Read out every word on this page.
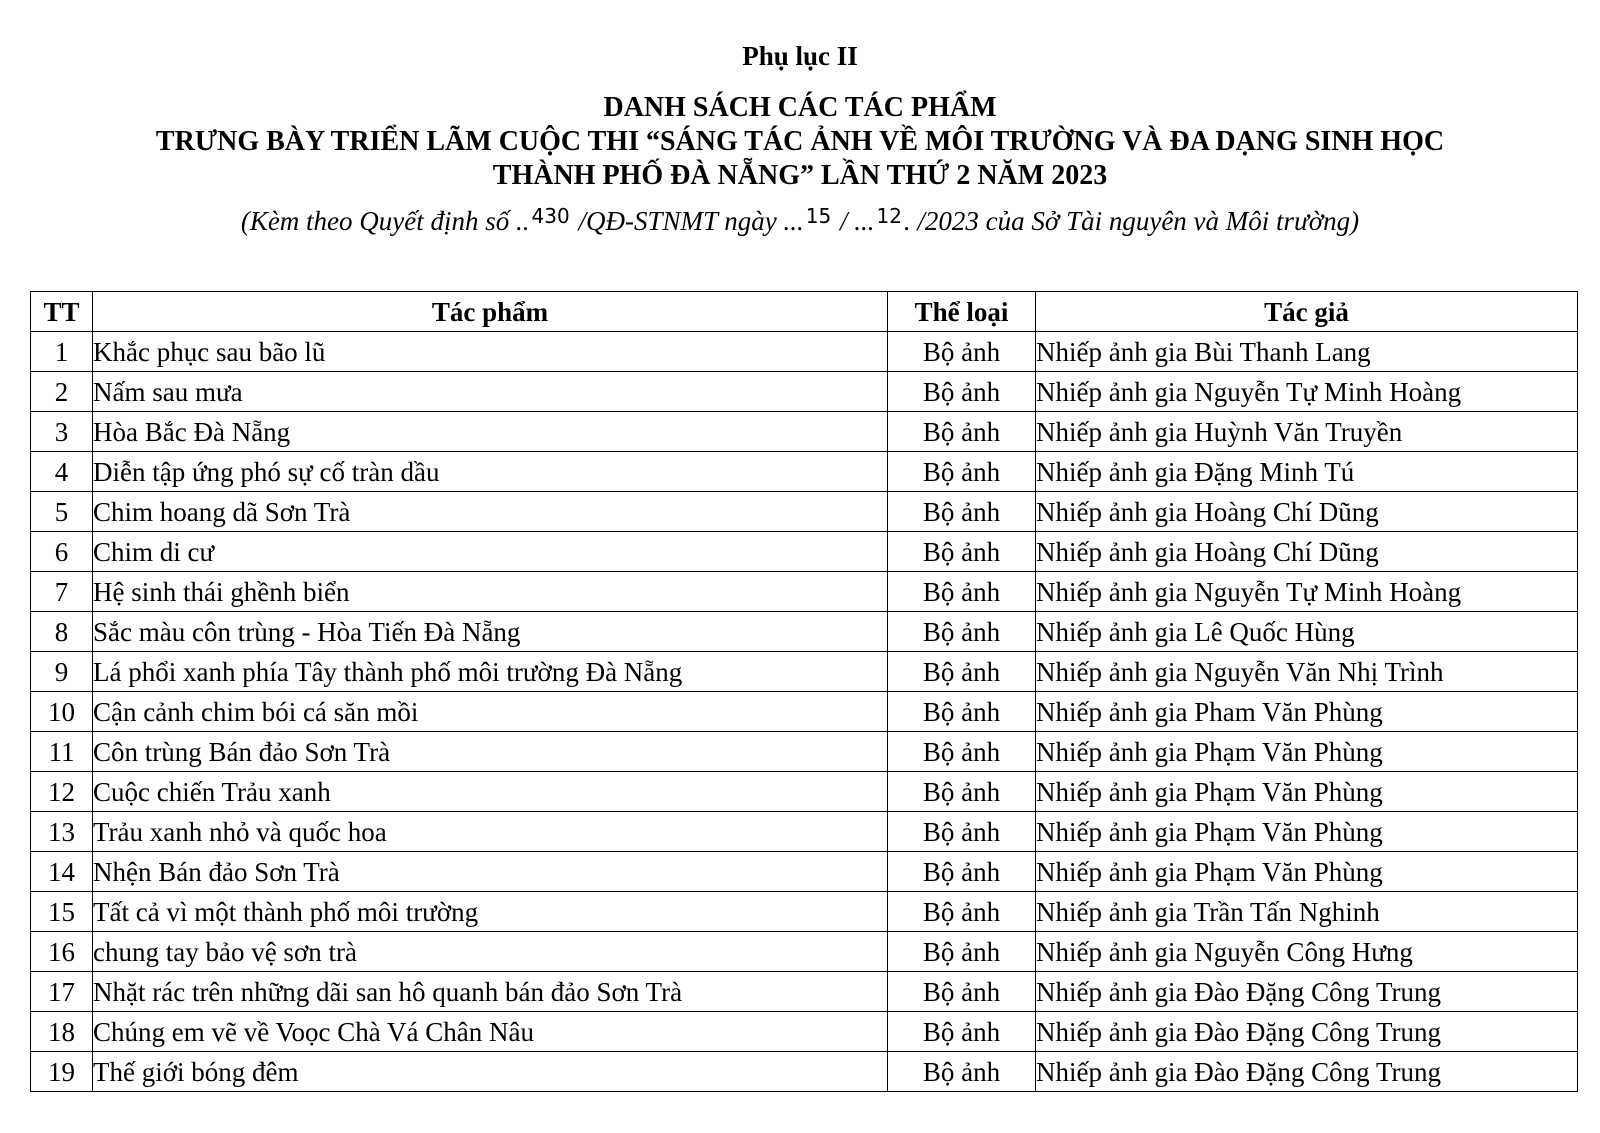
Phụ lục II
DANH SÁCH CÁC TÁC PHẨM
TRƯNG BÀY TRIỂN LÃM CUỘC THI “SÁNG TÁC ẢNH VỀ MÔI TRƯỜNG VÀ ĐA DẠNG SINH HỌC
THÀNH PHỐ ĐÀ NẴNG” LẦN THỨ 2 NĂM 2023
(Kèm theo Quyết định số .. $^{430}$ /QĐ-STNMT ngày ... $^{15}$ / ... $^{12}$. /2023 của Sở Tài nguyên và Môi trường)
TT	Tác phẩm	Thể loại	Tác giả
1	Khắc phục sau bão lũ	Bộ ảnh	Nhiếp ảnh gia Bùi Thanh Lang
2	Nấm sau mưa	Bộ ảnh	Nhiếp ảnh gia Nguyễn Tự Minh Hoàng
3	Hòa Bắc Đà Nẵng	Bộ ảnh	Nhiếp ảnh gia Huỳnh Văn Truyền
4	Diễn tập ứng phó sự cố tràn dầu	Bộ ảnh	Nhiếp ảnh gia Đặng Minh Tú
5	Chim hoang dã Sơn Trà	Bộ ảnh	Nhiếp ảnh gia Hoàng Chí Dũng
6	Chim di cư	Bộ ảnh	Nhiếp ảnh gia Hoàng Chí Dũng
7	Hệ sinh thái ghềnh biển	Bộ ảnh	Nhiếp ảnh gia Nguyễn Tự Minh Hoàng
8	Sắc màu côn trùng - Hòa Tiến Đà Nẵng	Bộ ảnh	Nhiếp ảnh gia Lê Quốc Hùng
9	Lá phổi xanh phía Tây thành phố môi trường Đà Nẵng	Bộ ảnh	Nhiếp ảnh gia Nguyễn Văn Nhị Trình
10	Cận cảnh chim bói cá săn mồi	Bộ ảnh	Nhiếp ảnh gia Pham Văn Phùng
11	Côn trùng Bán đảo Sơn Trà	Bộ ảnh	Nhiếp ảnh gia Phạm Văn Phùng
12	Cuộc chiến Trảu xanh	Bộ ảnh	Nhiếp ảnh gia Phạm Văn Phùng
13	Trảu xanh nhỏ và quốc hoa	Bộ ảnh	Nhiếp ảnh gia Phạm Văn Phùng
14	Nhện Bán đảo Sơn Trà	Bộ ảnh	Nhiếp ảnh gia Phạm Văn Phùng
15	Tất cả vì một thành phố môi trường	Bộ ảnh	Nhiếp ảnh gia Trần Tấn Nghinh
16	chung tay bảo vệ sơn trà	Bộ ảnh	Nhiếp ảnh gia Nguyễn Công Hưng
17	Nhặt rác trên những dãi san hô quanh bán đảo Sơn Trà	Bộ ảnh	Nhiếp ảnh gia Đào Đặng Công Trung
18	Chúng em vẽ về Voọc Chà Vá Chân Nâu	Bộ ảnh	Nhiếp ảnh gia Đào Đặng Công Trung
19	Thế giới bóng đêm	Bộ ảnh	Nhiếp ảnh gia Đào Đặng Công Trung
